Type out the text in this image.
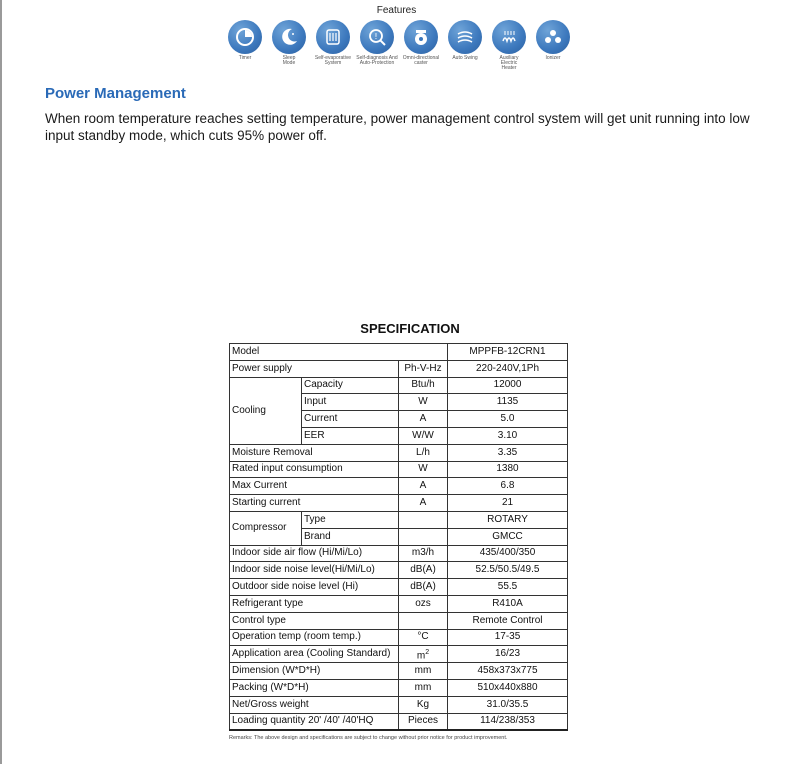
Features
Timer	Sleep
Mode
Self-evaporative
System
!
Self-diagnosis And
Auto-Protection
Omni-directional
caster
Auto Swing	Auxiliary
Electric
Heater
Ionizer
Power Management
When room temperature reaches setting temperature, power management control system will get unit running into low input standby mode, which cuts 95% power off.
SPECIFICATION
Model			MPPFB-12CRN1
Power supply		Ph-V-Hz	220-240V,1Ph
Cooling	Capacity	Btu/h	12000
	Input	W	1135
	Current	A	5.0
	EER	W/W	3.10
Moisture Removal		L/h	3.35
Rated input consumption		W	1380
Max Current		A	6.8
Starting current		A	21
Compressor	Type		ROTARY
	Brand		GMCC
Indoor side air flow (Hi/Mi/Lo)		m3/h	435/400/350
Indoor side noise level(Hi/Mi/Lo)		dB(A)	52.5/50.5/49.5
Outdoor side noise level (Hi)		dB(A)	55.5
Refrigerant type		ozs	R410A
Control type			Remote Control
Operation temp (room temp.)		°C	17-35
Application area (Cooling Standard)		$m^2$	16/23
Dimension (W*D*H)		mm	458x373x775
Packing (W*D*H)		mm	510x440x880
Net/Gross weight		Kg	31.0/35.5
Loading quantity 20' /40' /40'HQ		Pieces	114/238/353
Remarks: The above design and specifications are subject to change without prior notice for product improvement.
